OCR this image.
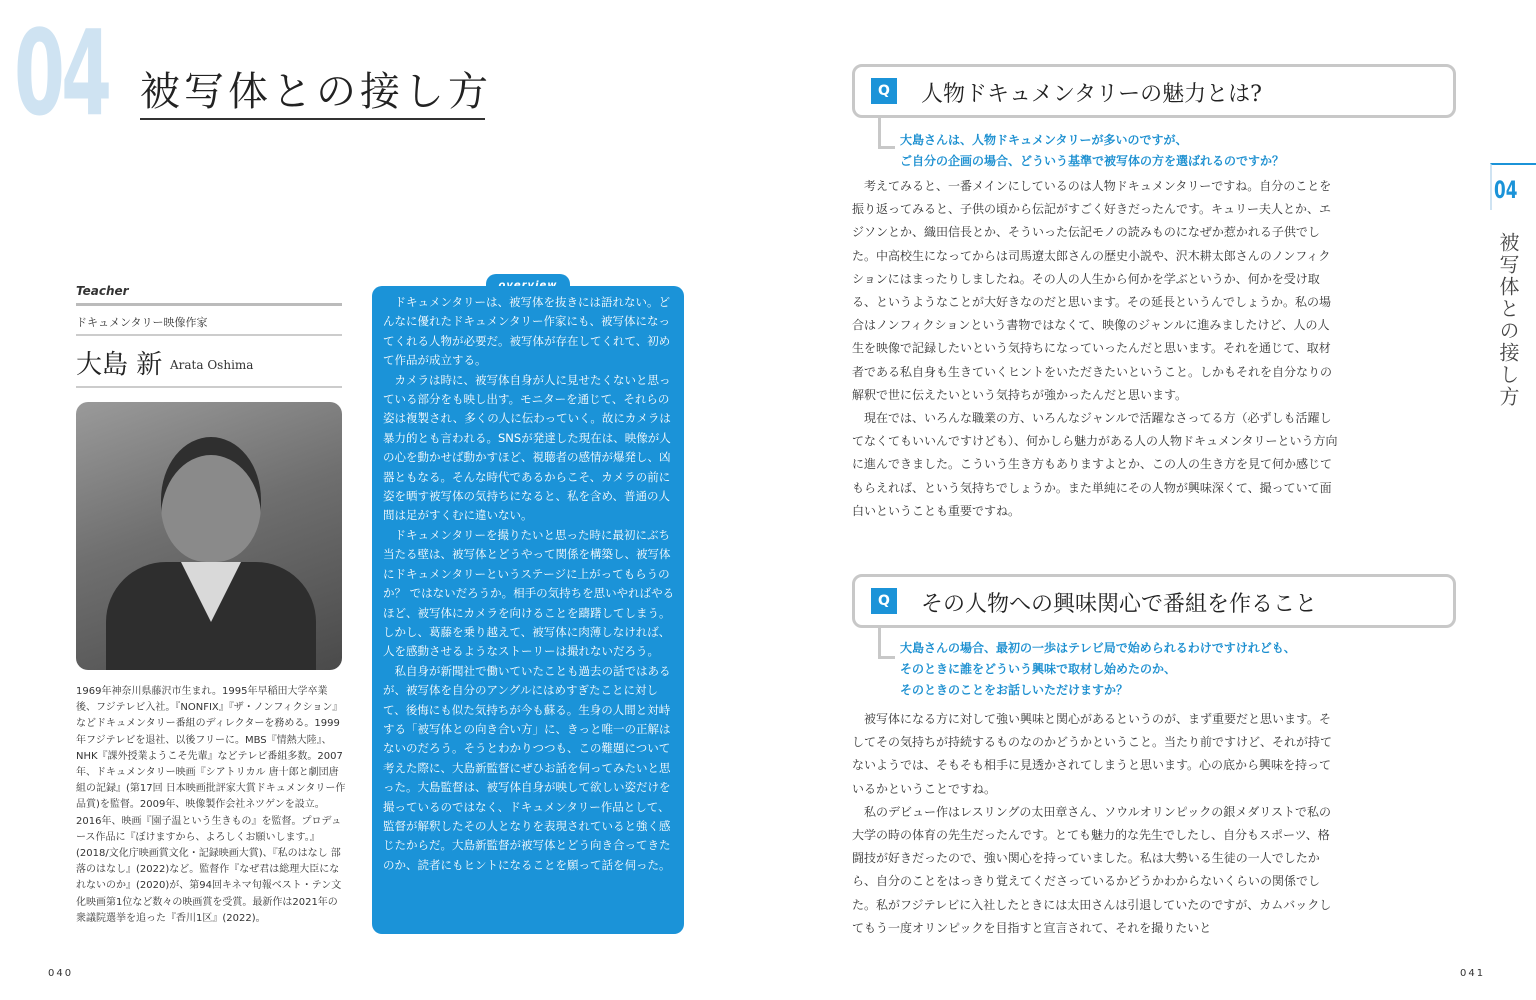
04 被写体との接し方
Teacher
ドキュメンタリー映像作家
大島 新 Arata Oshima
1969年神奈川県藤沢市生まれ。1995年早稲田大学卒業後、フジテレビ入社。『NONFIX』『ザ・ノンフィクション』などドキュメンタリー番組のディレクターを務める。1999年フジテレビを退社、以後フリーに。MBS『情熱大陸』、NHK『課外授業ようこそ先輩』などテレビ番組多数。2007年、ドキュメンタリー映画『シアトリカル 唐十郎と劇団唐組の記録』(第17回 日本映画批評家大賞ドキュメンタリー作品賞)を監督。2009年、映像製作会社ネツゲンを設立。2016年、映画『園子温という生きもの』を監督。プロデュース作品に『ぼけますから、よろしくお願いします。』(2018/文化庁映画賞文化・記録映画大賞)、『私のはなし 部落のはなし』(2022)など。監督作『なぜ君は総理大臣になれないのか』(2020)が、第94回キネマ旬報ベスト・テン文化映画第1位など数々の映画賞を受賞。最新作は2021年の衆議院選挙を追った『香川1区』(2022)。

ドキュメンタリーは、被写体を抜きには語れない。どんなに優れたドキュメンタリー作家にも、被写体になってくれる人物が必要だ。被写体が存在してくれて、初めて作品が成立する。

カメラは時に、被写体自身が人に見せたくないと思っている部分をも映し出す。モニターを通じて、それらの姿は複製され、多くの人に伝わっていく。故にカメラは暴力的とも言われる。SNSが発達した現在は、映像が人の心を動かせば動かすほど、視聴者の感情が爆発し、凶器ともなる。そんな時代であるからこそ、カメラの前に姿を晒す被写体の気持ちになると、私を含め、普通の人間は足がすくむに違いない。

ドキュメンタリーを撮りたいと思った時に最初にぶち当たる壁は、被写体とどうやって関係を構築し、被写体にドキュメンタリーというステージに上がってもらうのか？ ではないだろうか。相手の気持ちを思いやればやるほど、被写体にカメラを向けることを躊躇してしまう。しかし、葛藤を乗り越えて、被写体に肉薄しなければ、人を感動させるようなストーリーは撮れないだろう。

私自身が新聞社で働いていたことも過去の話ではあるが、被写体を自分のアングルにはめすぎたことに対して、後悔にも似た気持ちが今も蘇る。生身の人間と対峙する「被写体との向き合い方」に、きっと唯一の正解はないのだろう。そうとわかりつつも、この難題について考えた際に、大島新監督にぜひお話を伺ってみたいと思った。大島監督は、被写体自身が映して欲しい姿だけを撮っているのではなく、ドキュメンタリー作品として、監督が解釈したその人となりを表現されていると強く感じたからだ。大島新監督が被写体とどう向き合ってきたのか、読者にもヒントになることを願って話を伺った。

040
Q	人物ドキュメンタリーの魅力とは?
大島さんは、人物ドキュメンタリーが多いのですが、
ご自分の企画の場合、どういう基準で被写体の方を選ばれるのですか？

考えてみると、一番メインにしているのは人物ドキュメンタリーですね。自分のことを振り返ってみると、子供の頃から伝記がすごく好きだったんです。キュリー夫人とか、エジソンとか、織田信長とか、そういった伝記モノの読みものになぜか惹かれる子供でした。中高校生になってからは司馬遼太郎さんの歴史小説や、沢木耕太郎さんのノンフィクションにはまったりしましたね。その人の人生から何かを学ぶというか、何かを受け取る、というようなことが大好きなのだと思います。その延長というんでしょうか。私の場合はノンフィクションという書物ではなくて、映像のジャンルに進みましたけど、人の人生を映像で記録したいという気持ちになっていったんだと思います。それを通じて、取材者である私自身も生きていくヒントをいただきたいということ。しかもそれを自分なりの解釈で世に伝えたいという気持ちが強かったんだと思います。

現在では、いろんな職業の方、いろんなジャンルで活躍なさってる方（必ずしも活躍してなくてもいいんですけども）、何かしら魅力がある人の人物ドキュメンタリーという方向に進んできました。こういう生き方もありますよとか、この人の生き方を見て何か感じてもらえれば、という気持ちでしょうか。また単純にその人物が興味深くて、撮っていて面白いということも重要ですね。

Q	その人物への興味関心で番組を作ること
大島さんの場合、最初の一歩はテレビ局で始められるわけですけれども、
そのときに誰をどういう興味で取材し始めたのか、
そのときのことをお話しいただけますか？

被写体になる方に対して強い興味と関心があるというのが、まず重要だと思います。そしてその気持ちが持続するものなのかどうかということ。当たり前ですけど、それが持てないようでは、そもそも相手に見透かされてしまうと思います。心の底から興味を持っているかということですね。

私のデビュー作はレスリングの太田章さん、ソウルオリンピックの銀メダリストで私の大学の時の体育の先生だったんです。とても魅力的な先生でしたし、自分もスポーツ、格闘技が好きだったので、強い関心を持っていました。私は大勢いる生徒の一人でしたから、自分のことをはっきり覚えてくださっているかどうかわからないくらいの関係でした。私がフジテレビに入社したときには太田さんは引退していたのですが、カムバックしてもう一度オリンピックを目指すと宣言されて、それを撮りたいと

04
被写体との接し方
041
